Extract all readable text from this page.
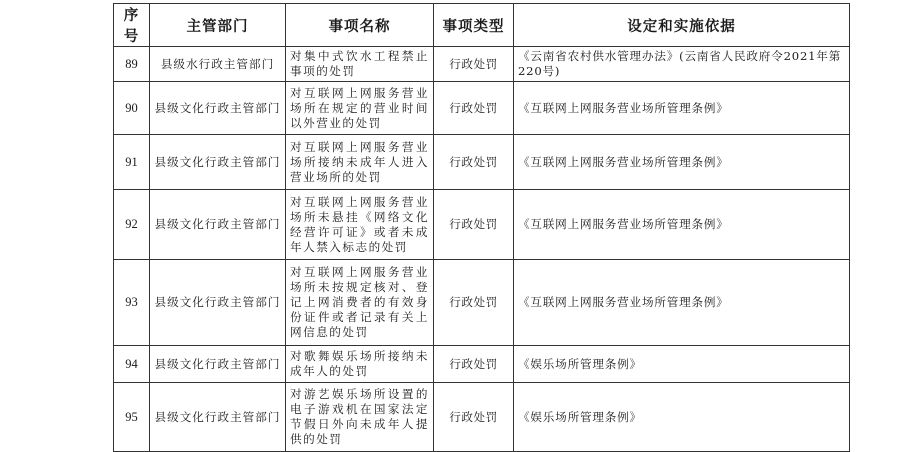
序号	主管部门	事项名称	事项类型	设定和实施依据
89	县级水行政主管部门	对集中式饮水工程禁止事项的处罚	行政处罚	《云南省农村供水管理办法》(云南省人民政府令2021年第220号)
90	县级文化行政主管部门	对互联网上网服务营业场所在规定的营业时间以外营业的处罚	行政处罚	《互联网上网服务营业场所管理条例》
91	县级文化行政主管部门	对互联网上网服务营业场所接纳未成年人进入营业场所的处罚	行政处罚	《互联网上网服务营业场所管理条例》
92	县级文化行政主管部门	对互联网上网服务营业场所未悬挂《网络文化经营许可证》或者未成年人禁入标志的处罚	行政处罚	《互联网上网服务营业场所管理条例》
93	县级文化行政主管部门	对互联网上网服务营业场所未按规定核对、登记上网消费者的有效身份证件或者记录有关上网信息的处罚	行政处罚	《互联网上网服务营业场所管理条例》
94	县级文化行政主管部门	对歌舞娱乐场所接纳未成年人的处罚	行政处罚	《娱乐场所管理条例》
95	县级文化行政主管部门	对游艺娱乐场所设置的电子游戏机在国家法定节假日外向未成年人提供的处罚	行政处罚	《娱乐场所管理条例》
